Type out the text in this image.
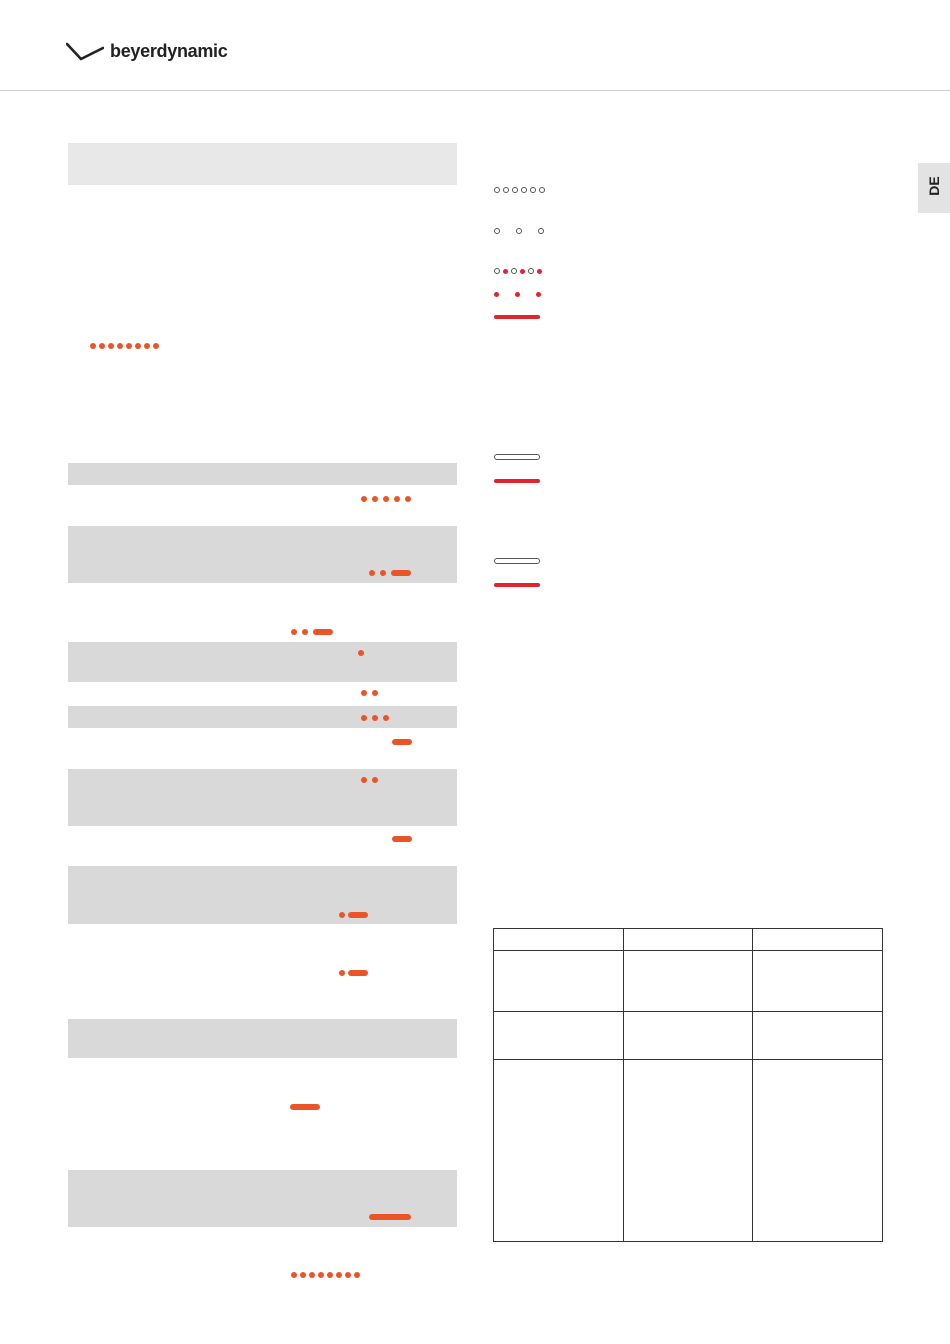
beyerdynamic
DE
